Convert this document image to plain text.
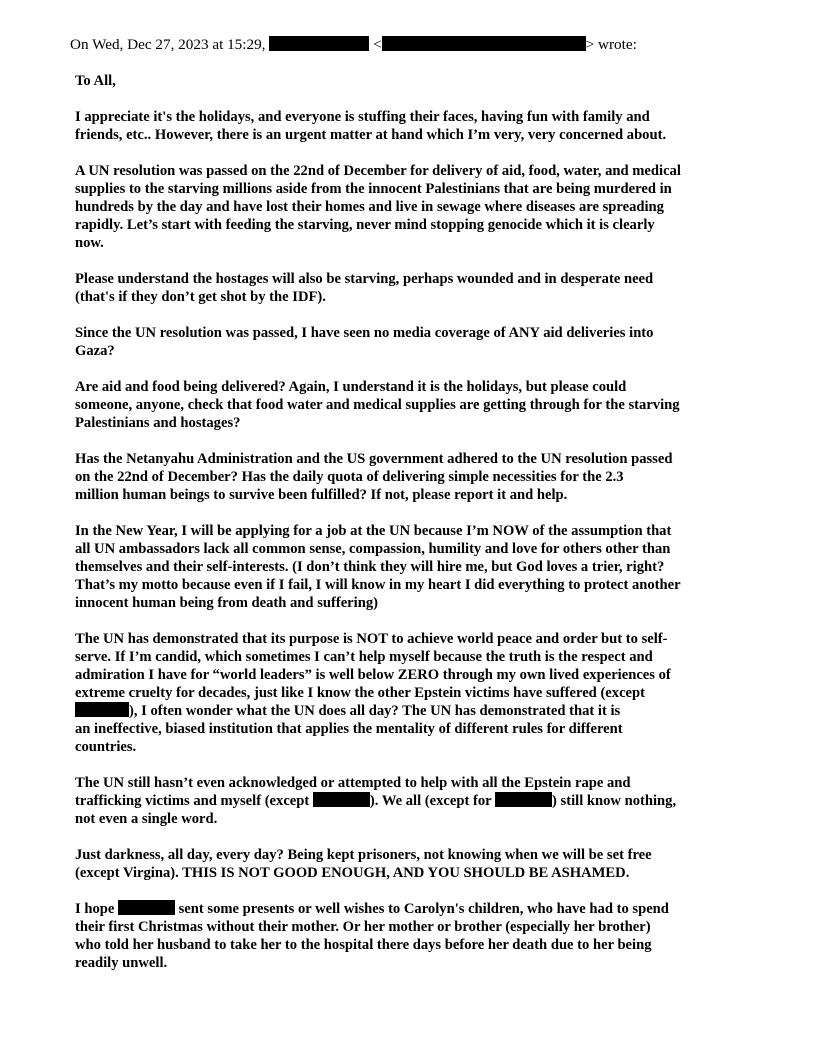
On Wed, Dec 27, 2023 at 15:29,	<	> wrote:

To All,

I appreciate it's the holidays, and everyone is stuffing their faces, having fun with family and
friends, etc.. However, there is an urgent matter at hand which I’m very, very concerned about.

A UN resolution was passed on the 22nd of December for delivery of aid, food, water, and medical
supplies to the starving millions aside from the innocent Palestinians that are being murdered in
hundreds by the day and have lost their homes and live in sewage where diseases are spreading
rapidly. Let’s start with feeding the starving, never mind stopping genocide which it is clearly
now.

Please understand the hostages will also be starving, perhaps wounded and in desperate need
(that's if they don’t get shot by the IDF).

Since the UN resolution was passed, I have seen no media coverage of ANY aid deliveries into
Gaza?

Are aid and food being delivered? Again, I understand it is the holidays, but please could
someone, anyone, check that food water and medical supplies are getting through for the starving
Palestinians and hostages?

Has the Netanyahu Administration and the US government adhered to the UN resolution passed
on the 22nd of December? Has the daily quota of delivering simple necessities for the 2.3
million human beings to survive been fulfilled? If not, please report it and help.

In the New Year, I will be applying for a job at the UN because I’m NOW of the assumption that
all UN ambassadors lack all common sense, compassion, humility and love for others other than
themselves and their self-interests. (I don’t think they will hire me, but God loves a trier, right?
That’s my motto because even if I fail, I will know in my heart I did everything to protect another
innocent human being from death and suffering)

The UN has demonstrated that its purpose is NOT to achieve world peace and order but to self-
serve. If I’m candid, which sometimes I can’t help myself because the truth is the respect and
admiration I have for “world leaders” is well below ZERO through my own lived experiences of
extreme cruelty for decades, just like I know the other Epstein victims have suffered (except
), I often wonder what the UN does all day? The UN has demonstrated that it is
an ineffective, biased institution that applies the mentality of different rules for different
countries.

The UN still hasn’t even acknowledged or attempted to help with all the Epstein rape and
trafficking victims and myself (except	). We all (except for	) still know nothing,
not even a single word.

Just darkness, all day, every day? Being kept prisoners, not knowing when we will be set free
(except Virgina). THIS IS NOT GOOD ENOUGH, AND YOU SHOULD BE ASHAMED.

I hope	sent some presents or well wishes to Carolyn's children, who have had to spend
their first Christmas without their mother. Or her mother or brother (especially her brother)
who told her husband to take her to the hospital there days before her death due to her being
readily unwell.
